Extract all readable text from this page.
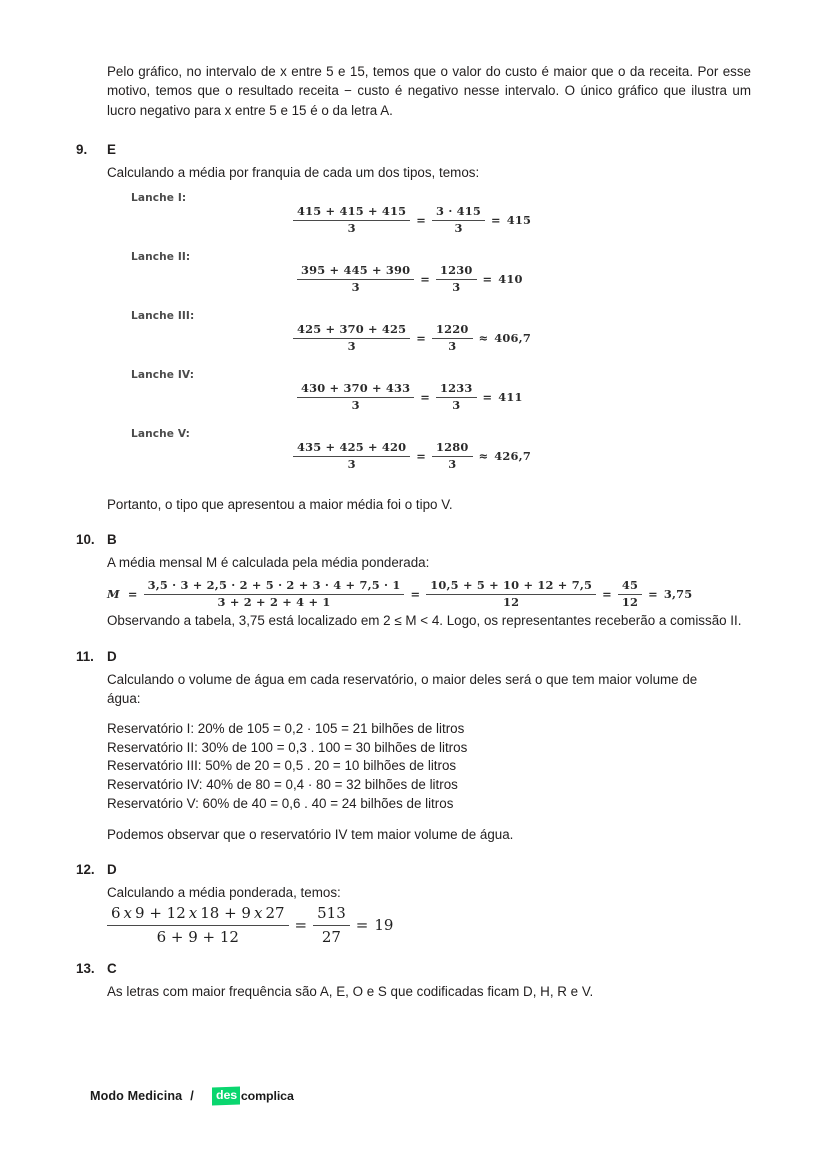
Pelo gráfico, no intervalo de x entre 5 e 15, temos que o valor do custo é maior que o da receita. Por esse motivo, temos que o resultado receita − custo é negativo nesse intervalo. O único gráfico que ilustra um lucro negativo para x entre 5 e 15 é o da letra A.
9.	E
Calculando a média por franquia de cada um dos tipos, temos:
Lanche I:
$\frac{415 + 415 + 415}{3} = \frac{3 \cdot 415}{3} = 415$
Lanche II:
$\frac{395 + 445 + 390}{3} = \frac{1230}{3} = 410$
Lanche III:
$\frac{425 + 370 + 425}{3} = \frac{1220}{3} \approx 406,7$
Lanche IV:
$\frac{430 + 370 + 433}{3} = \frac{1233}{3} = 411$
Lanche V:
$\frac{435 + 425 + 420}{3} = \frac{1280}{3} \approx 426,7$
Portanto, o tipo que apresentou a maior média foi o tipo V.
10. B
A média mensal M é calculada pela média ponderada:
$M = \frac{3,5 \cdot 3 + 2,5 \cdot 2 + 5 \cdot 2 + 3 \cdot 4 + 7,5 \cdot 1}{3 + 2 + 2 + 4 + 1} = \frac{10,5 + 5 + 10 + 12 + 7,5}{12} = \frac{45}{12} = 3,75$
Observando a tabela, 3,75 está localizado em 2 ≤ M < 4. Logo, os representantes receberão a comissão II.
11. D
Calculando o volume de água em cada reservatório, o maior deles será o que tem maior volume de água:
Reservatório I: 20% de 105 = 0,2 · 105 = 21 bilhões de litros
Reservatório II: 30% de 100 = 0,3 . 100 = 30 bilhões de litros
Reservatório III: 50% de 20 = 0,5 . 20 = 10 bilhões de litros
Reservatório IV: 40% de 80 = 0,4 · 80 = 32 bilhões de litros
Reservatório V: 60% de 40 = 0,6 . 40 = 24 bilhões de litros
Podemos observar que o reservatório IV tem maior volume de água.
12. D
Calculando a média ponderada, temos:
$\frac{6 x 9 + 12 x 18 + 9 x 27}{6 + 9 + 12} = \frac{513}{27} = 19$
13. C
As letras com maior frequência são A, E, O e S que codificadas ficam D, H, R e V.
Modo Medicina /	des complica
